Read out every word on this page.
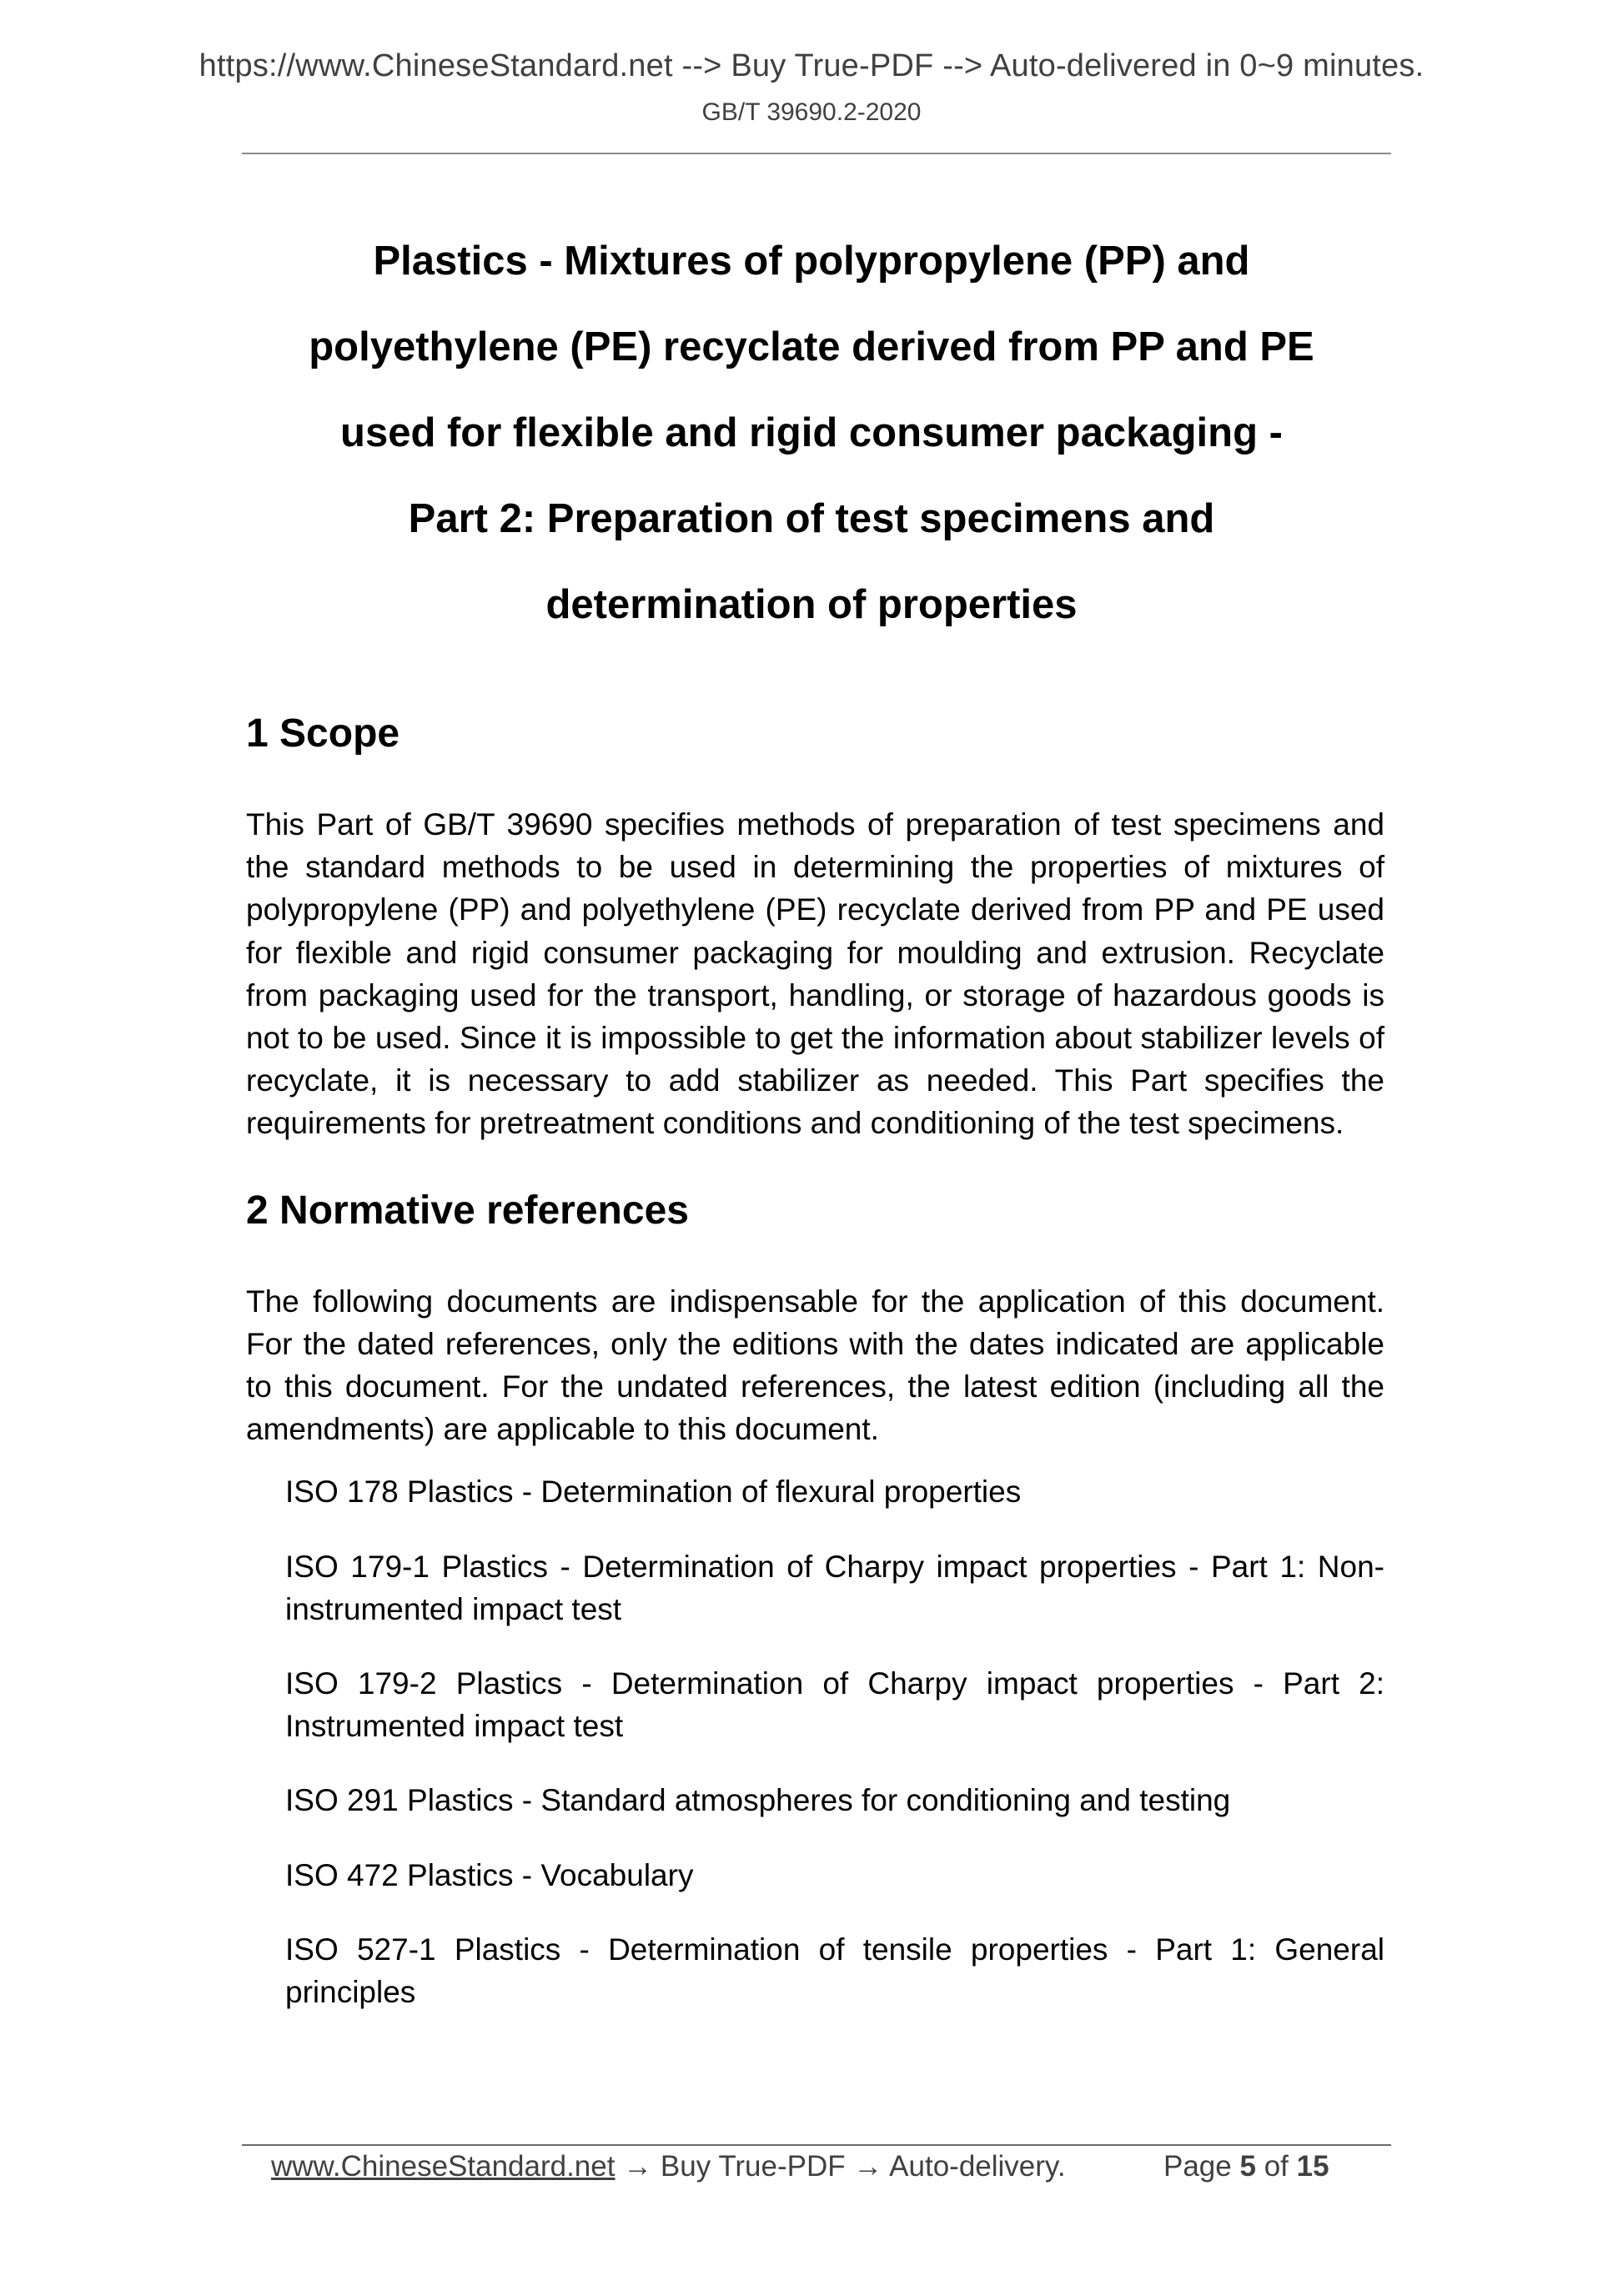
https://www.ChineseStandard.net --> Buy True-PDF --> Auto-delivered in 0~9 minutes.
GB/T 39690.2-2020
Plastics - Mixtures of polypropylene (PP) and
polyethylene (PE) recyclate derived from PP and PE
used for flexible and rigid consumer packaging -
Part 2: Preparation of test specimens and
determination of properties
1 Scope

This Part of GB/T 39690 specifies methods of preparation of test specimens and the standard methods to be used in determining the properties of mixtures of polypropylene (PP) and polyethylene (PE) recyclate derived from PP and PE used for flexible and rigid consumer packaging for moulding and extrusion. Recyclate from packaging used for the transport, handling, or storage of hazardous goods is not to be used. Since it is impossible to get the information about stabilizer levels of recyclate, it is necessary to add stabilizer as needed. This Part specifies the requirements for pretreatment conditions and conditioning of the test specimens.

2 Normative references

The following documents are indispensable for the application of this document. For the dated references, only the editions with the dates indicated are applicable to this document. For the undated references, the latest edition (including all the amendments) are applicable to this document.

ISO 178 Plastics - Determination of flexural properties

ISO 179-1 Plastics - Determination of Charpy impact properties - Part 1: Non-instrumented impact test

ISO 179-2 Plastics - Determination of Charpy impact properties - Part 2: Instrumented impact test

ISO 291 Plastics - Standard atmospheres for conditioning and testing

ISO 472 Plastics - Vocabulary

ISO 527-1 Plastics - Determination of tensile properties - Part 1: General principles

www.ChineseStandard.net → Buy True-PDF → Auto-delivery.	Page 5 of 15
